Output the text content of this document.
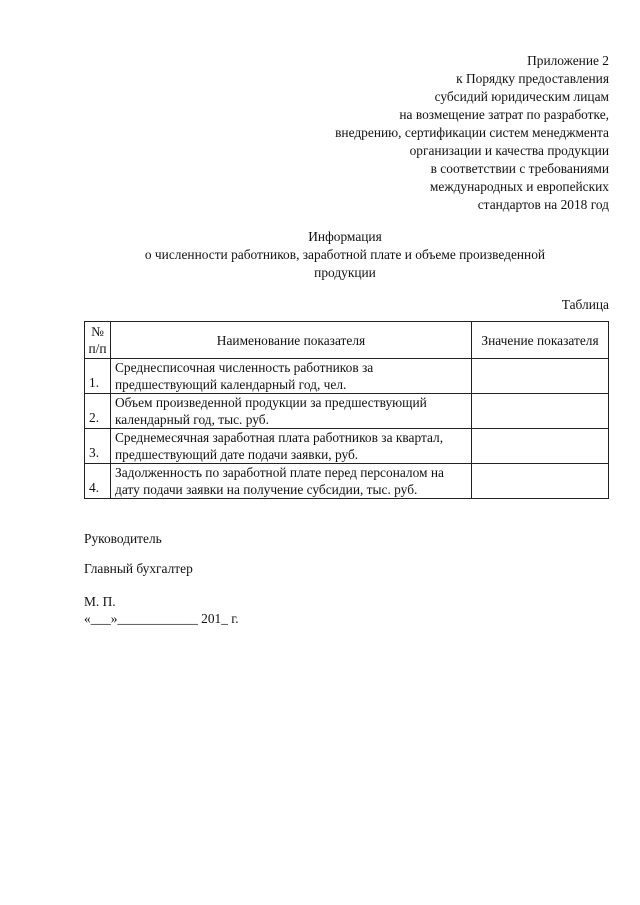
Приложение 2
к Порядку предоставления
субсидий юридическим лицам
на возмещение затрат по разработке,
внедрению, сертификации систем менеджмента
организации и качества продукции
в соответствии с требованиями
международных и европейских
стандартов на 2018 год
Информация
о численности работников, заработной плате и объеме произведенной
продукции
Таблица
№ п/п	Наименование показателя	Значение показателя
1.	Среднесписочная численность работников за предшествующий календарный год, чел.	
2.	Объем произведенной продукции за предшествующий календарный год, тыс. руб.	
3.	Среднемесячная заработная плата работников за квартал, предшествующий дате подачи заявки, руб.	
4.	Задолженность по заработной плате перед персоналом на дату подачи заявки на получение субсидии, тыс. руб.	
Руководитель
Главный бухгалтер
М. П.
«___»____________ 201_ г.
